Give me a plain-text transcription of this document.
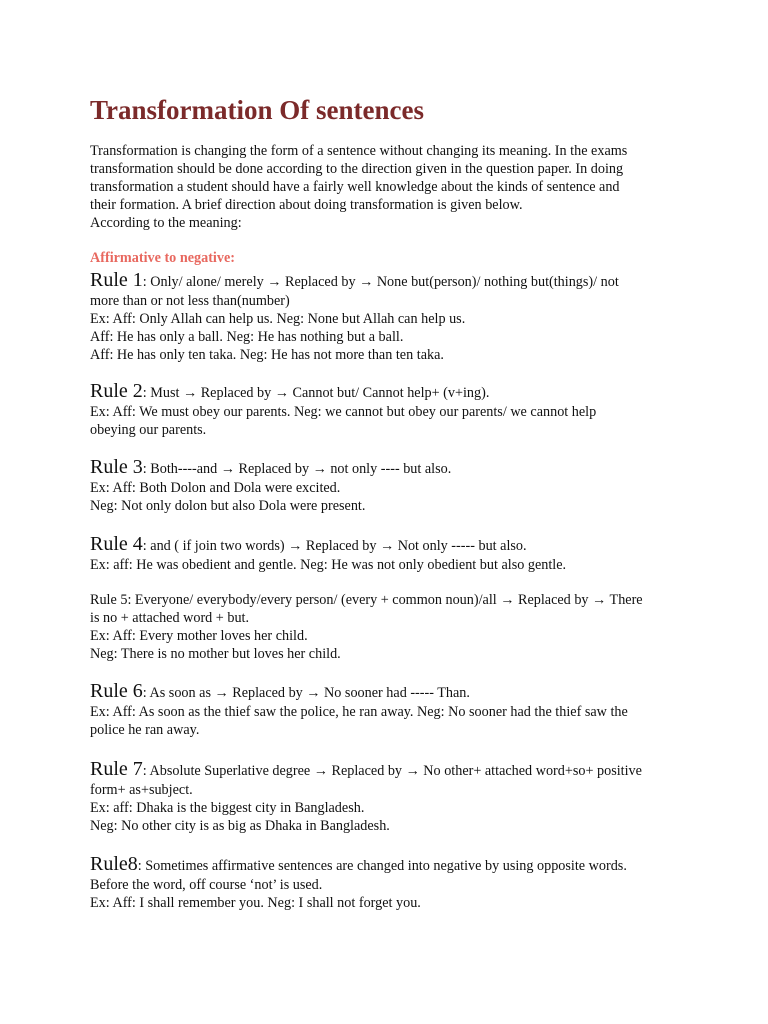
Transformation Of sentences
Transformation is changing the form of a sentence without changing its meaning. In the exams
transformation should be done according to the direction given in the question paper. In doing
transformation a student should have a fairly well knowledge about the kinds of sentence and
their formation. A brief direction about doing transformation is given below.
According to the meaning:
Affirmative to negative:
Rule 1: Only/ alone/ merely → Replaced by → None but(person)/ nothing but(things)/ not
more than or not less than(number)
Ex: Aff: Only Allah can help us. Neg: None but Allah can help us.
Aff: He has only a ball. Neg: He has nothing but a ball.
Aff: He has only ten taka. Neg: He has not more than ten taka.
Rule 2: Must → Replaced by → Cannot but/ Cannot help+ (v+ing).
Ex: Aff: We must obey our parents. Neg: we cannot but obey our parents/ we cannot help
obeying our parents.
Rule 3: Both----and → Replaced by → not only ---- but also.
Ex: Aff: Both Dolon and Dola were excited.
Neg: Not only dolon but also Dola were present.
Rule 4: and ( if join two words) → Replaced by → Not only ----- but also.
Ex: aff: He was obedient and gentle. Neg: He was not only obedient but also gentle.
Rule 5: Everyone/ everybody/every person/ (every + common noun)/all → Replaced by → There
is no + attached word + but.
Ex: Aff: Every mother loves her child.
Neg: There is no mother but loves her child.
Rule 6: As soon as → Replaced by → No sooner had ----- Than.
Ex: Aff: As soon as the thief saw the police, he ran away. Neg: No sooner had the thief saw the
police he ran away.
Rule 7: Absolute Superlative degree → Replaced by → No other+ attached word+so+ positive
form+ as+subject.
Ex: aff: Dhaka is the biggest city in Bangladesh.
Neg: No other city is as big as Dhaka in Bangladesh.
Rule8: Sometimes affirmative sentences are changed into negative by using opposite words.
Before the word, off course ‘not’ is used.
Ex: Aff: I shall remember you. Neg: I shall not forget you.
